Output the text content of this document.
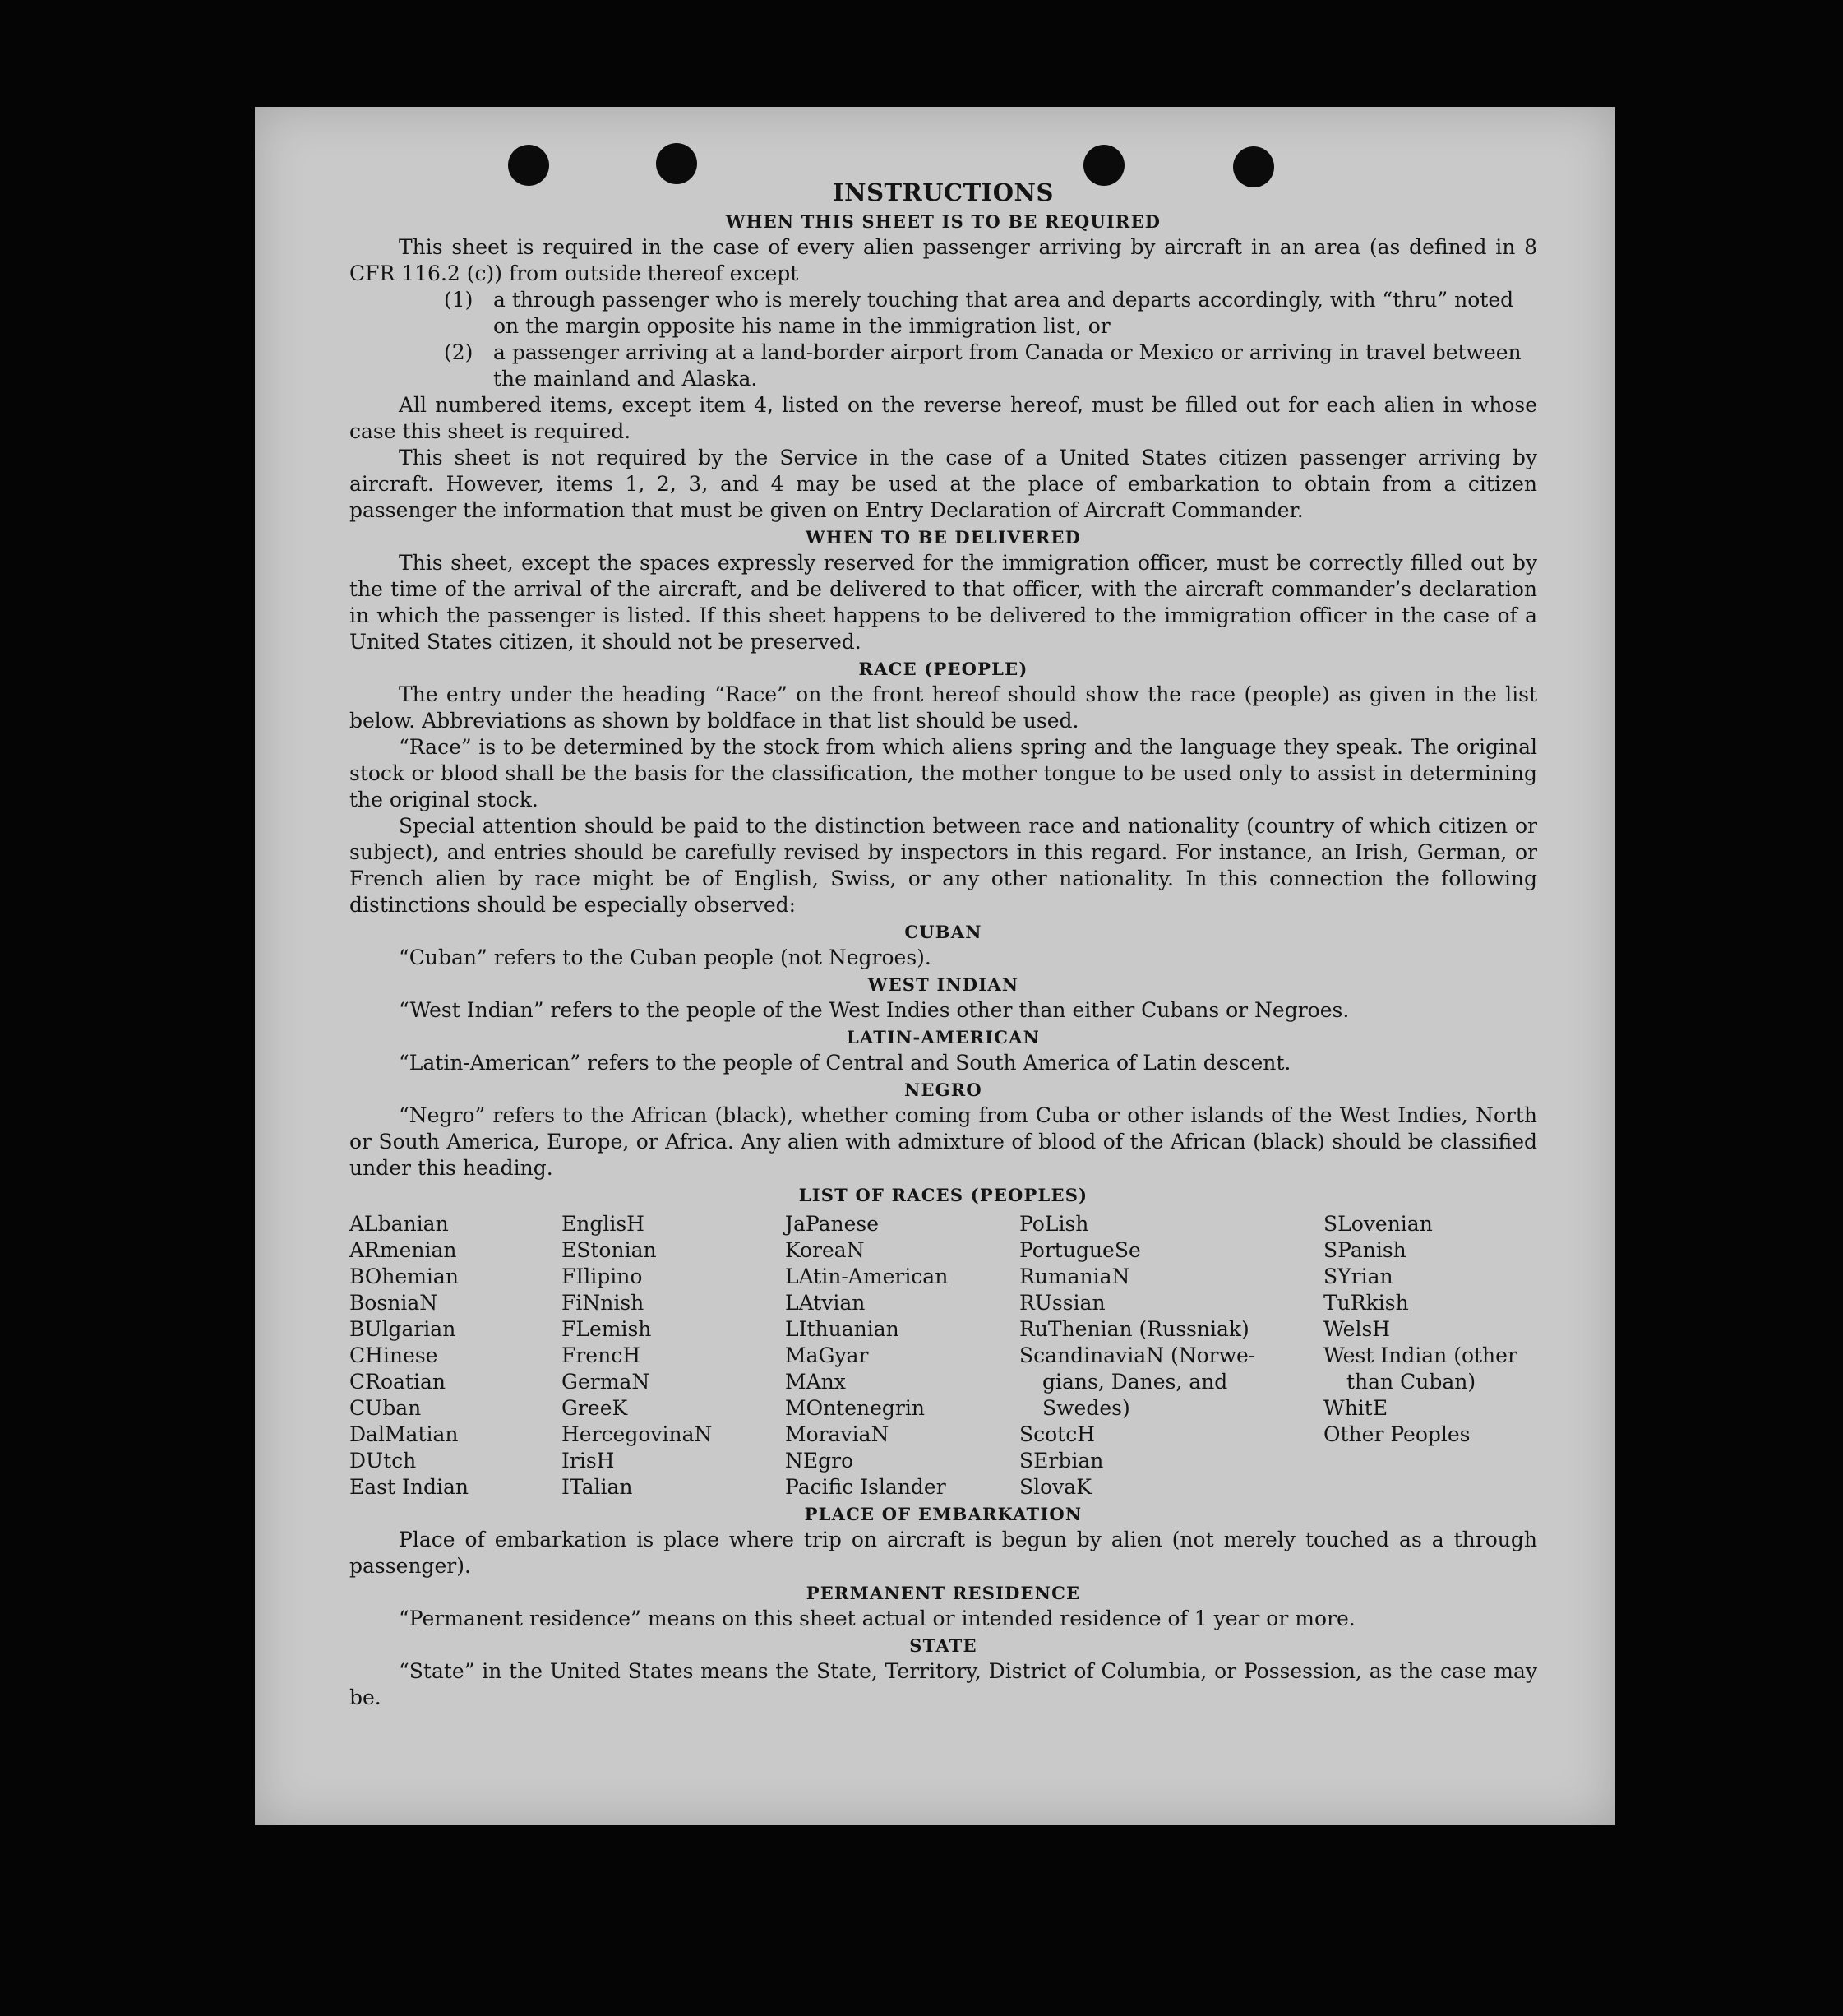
INSTRUCTIONS
WHEN THIS SHEET IS TO BE REQUIRED

This sheet is required in the case of every alien passenger arriving by aircraft in an area (as defined in 8 CFR 116.2 (c)) from outside thereof except

(1) a through passenger who is merely touching that area and departs accordingly, with “thru” noted on the margin opposite his name in the immigration list, or
(2) a passenger arriving at a land-border airport from Canada or Mexico or arriving in travel between the mainland and Alaska.

All numbered items, except item 4, listed on the reverse hereof, must be filled out for each alien in whose case this sheet is required.

This sheet is not required by the Service in the case of a United States citizen passenger arriving by aircraft. However, items 1, 2, 3, and 4 may be used at the place of embarkation to obtain from a citizen passenger the information that must be given on Entry Declaration of Aircraft Commander.

WHEN TO BE DELIVERED

This sheet, except the spaces expressly reserved for the immigration officer, must be correctly filled out by the time of the arrival of the aircraft, and be delivered to that officer, with the aircraft commander’s declaration in which the passenger is listed. If this sheet happens to be delivered to the immigration officer in the case of a United States citizen, it should not be preserved.

RACE (PEOPLE)

The entry under the heading “Race” on the front hereof should show the race (people) as given in the list below. Abbreviations as shown by boldface in that list should be used.

“Race” is to be determined by the stock from which aliens spring and the language they speak. The original stock or blood shall be the basis for the classification, the mother tongue to be used only to assist in determining the original stock.

Special attention should be paid to the distinction between race and nationality (country of which citizen or subject), and entries should be carefully revised by inspectors in this regard. For instance, an Irish, German, or French alien by race might be of English, Swiss, or any other nationality. In this connection the following distinctions should be especially observed:

CUBAN

“Cuban” refers to the Cuban people (not Negroes).

WEST INDIAN

“West Indian” refers to the people of the West Indies other than either Cubans or Negroes.

LATIN-AMERICAN

“Latin-American” refers to the people of Central and South America of Latin descent.

NEGRO

“Negro” refers to the African (black), whether coming from Cuba or other islands of the West Indies, North or South America, Europe, or Africa. Any alien with admixture of blood of the African (black) should be classified under this heading.

LIST OF RACES (PEOPLES)
ALbanian
ARmenian
BOhemian
BosniaN
BUlgarian
CHinese
CRoatian
CUban
DalMatian
DUtch
East Indian
EnglisH
EStonian
FIlipino
FiNnish
FLemish
FrencH
GermaN
GreeK
HercegovinaN
IrisH
ITalian
JaPanese
KoreaN
LAtin-American
LAtvian
LIthuanian
MaGyar
MAnx
MOntenegrin
MoraviaN
NEgro
Pacific Islander
PoLish
PortugueSe
RumaniaN
RUssian
RuThenian (Russniak)
ScandinaviaN (Norwe-
gians, Danes, and
Swedes)
ScotcH
SErbian
SlovaK
SLovenian
SPanish
SYrian
TuRkish
WelsH
West Indian (other
than Cuban)
WhitE
Other Peoples
PLACE OF EMBARKATION

Place of embarkation is place where trip on aircraft is begun by alien (not merely touched as a through passenger).

PERMANENT RESIDENCE

“Permanent residence” means on this sheet actual or intended residence of 1 year or more.

STATE

“State” in the United States means the State, Territory, District of Columbia, or Possession, as the case may be.
